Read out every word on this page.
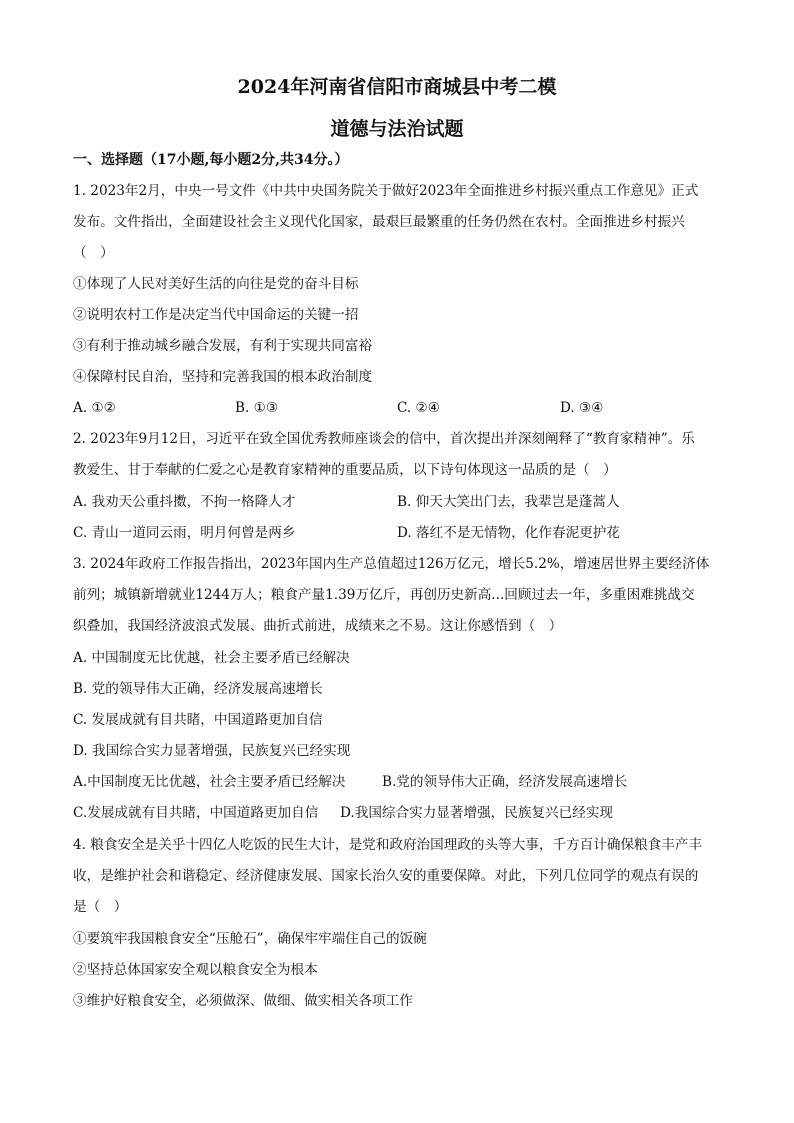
2024年河南省信阳市商城县中考二模
道德与法治试题
一、选择题（17小题,每小题2分,共34分。）
1. 2023年2月，中央一号文件《中共中央国务院关于做好2023年全面推进乡村振兴重点工作意见》正式
发布。文件指出，全面建设社会主义现代化国家，最艰巨最繁重的任务仍然在农村。全面推进乡村振兴
（　）
①体现了人民对美好生活的向往是党的奋斗目标
②说明农村工作是决定当代中国命运的关键一招
③有利于推动城乡融合发展，有利于实现共同富裕
④保障村民自治，坚持和完善我国的根本政治制度
A. ①②	B. ①③	C. ②④	D. ③④
2. 2023年9月12日，习近平在致全国优秀教师座谈会的信中，首次提出并深刻阐释了“教育家精神”。乐
教爱生、甘于奉献的仁爱之心是教育家精神的重要品质，以下诗句体现这一品质的是（　）
A. 我劝天公重抖擞，不拘一格降人才	B. 仰天大笑出门去，我辈岂是蓬蒿人
C. 青山一道同云雨，明月何曾是两乡	D. 落红不是无情物，化作春泥更护花
3. 2024年政府工作报告指出，2023年国内生产总值超过126万亿元，增长5.2%，增速居世界主要经济体
前列；城镇新增就业1244万人；粮食产量1.39万亿斤，再创历史新高...回顾过去一年，多重困难挑战交
织叠加，我国经济波浪式发展、曲折式前进，成绩来之不易。这让你感悟到（　）
A. 中国制度无比优越，社会主要矛盾已经解决
B. 党的领导伟大正确，经济发展高速增长
C. 发展成就有目共睹，中国道路更加自信
D. 我国综合实力显著增强，民族复兴已经实现
A.中国制度无比优越，社会主要矛盾已经解决	B.党的领导伟大正确，经济发展高速增长
C.发展成就有目共睹，中国道路更加自信 D.我国综合实力显著增强，民族复兴已经实现
4. 粮食安全是关乎十四亿人吃饭的民生大计，是党和政府治国理政的头等大事，千方百计确保粮食丰产丰
收，是维护社会和谐稳定、经济健康发展、国家长治久安的重要保障。对此，下列几位同学的观点有误的
是（　）
①要筑牢我国粮食安全“压舱石”，确保牢牢端住自己的饭碗
②坚持总体国家安全观以粮食安全为根本
③维护好粮食安全，必须做深、做细、做实相关各项工作
